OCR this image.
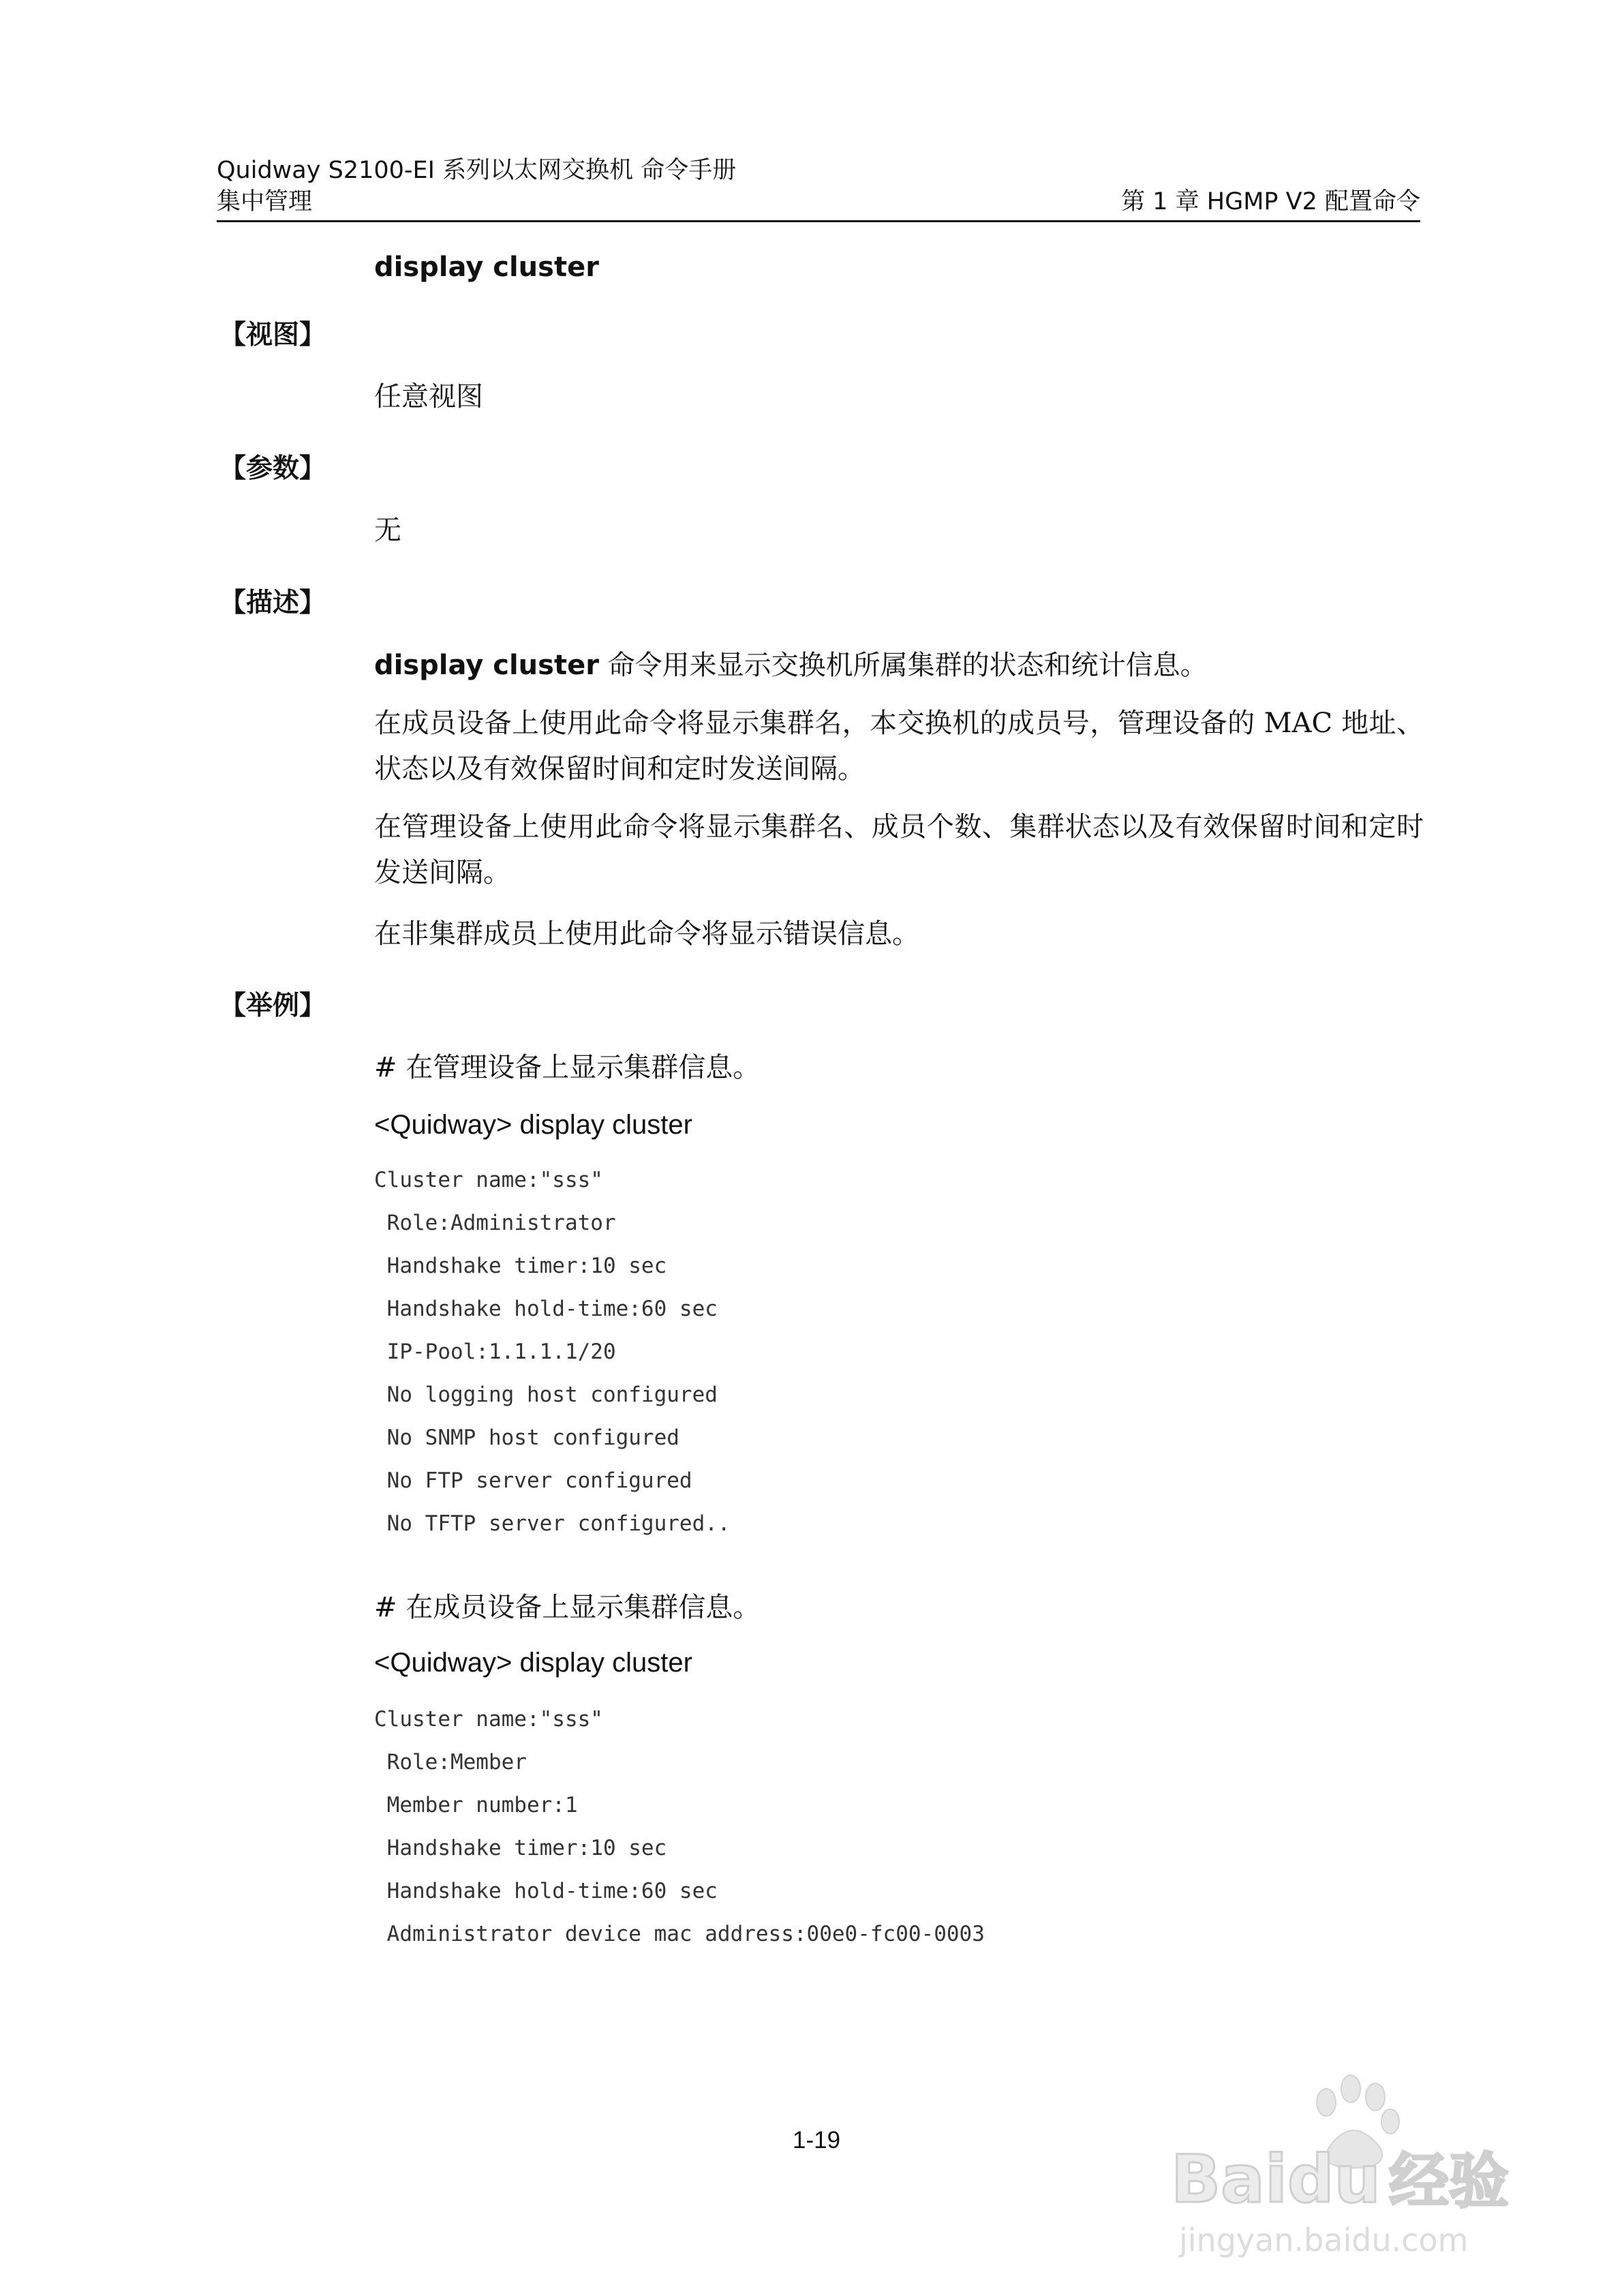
Quidway S2100-EI 系列以太网交换机 命令手册
集中管理	第 1 章 HGMP V2 配置命令
display cluster
【视图】
任意视图
【参数】
无
【描述】
display cluster 命令用来显示交换机所属集群的状态和统计信息。
在成员设备上使用此命令将显示集群名，本交换机的成员号，管理设备的 MAC 地址、状态以及有效保留时间和定时发送间隔。
在管理设备上使用此命令将显示集群名、成员个数、集群状态以及有效保留时间和定时发送间隔。
在非集群成员上使用此命令将显示错误信息。
【举例】
# 在管理设备上显示集群信息。
<Quidway> display cluster
Cluster name:"sss"
Role:Administrator
Handshake timer:10 sec
Handshake hold-time:60 sec
IP-Pool:1.1.1.1/20
No logging host configured
No SNMP host configured
No FTP server configured
No TFTP server configured..
# 在成员设备上显示集群信息。
<Quidway> display cluster
Cluster name:"sss"
Role:Member
Member number:1
Handshake timer:10 sec
Handshake hold-time:60 sec
Administrator device mac address:00e0-fc00-0003
1-19
Baidu 经验
jingyan.baidu.com
